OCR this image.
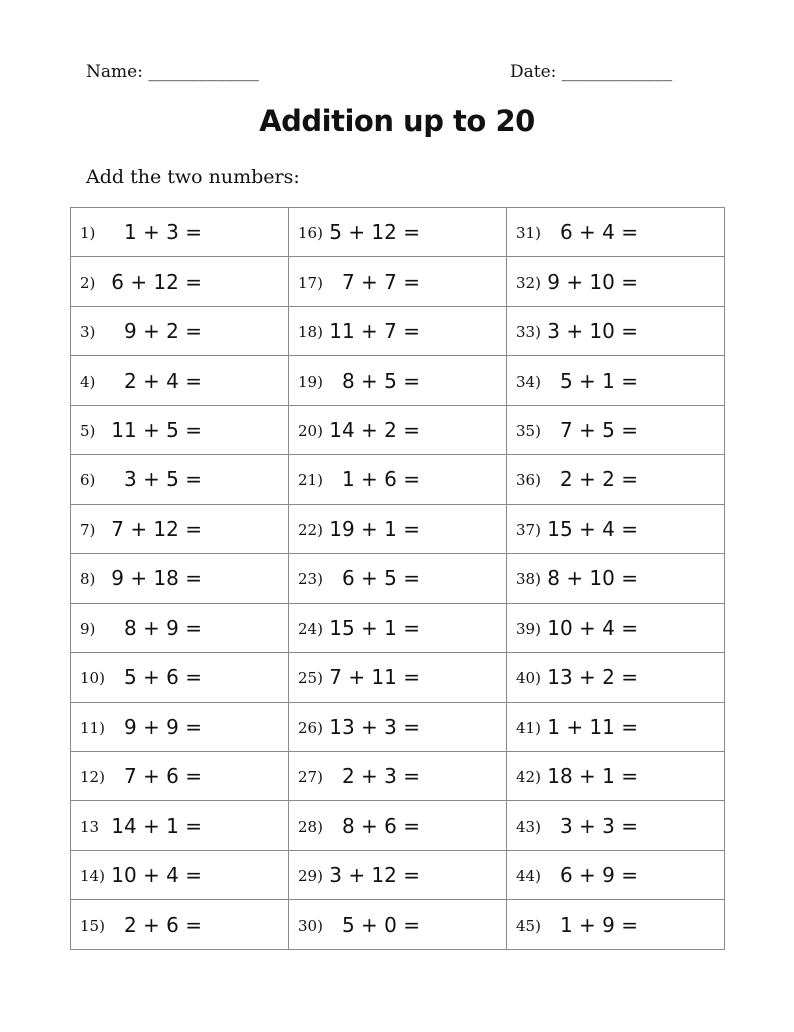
Name: _____________	Date: _____________
Addition up to 20
Add the two numbers:
1) 1 + 3 =	16) 5 + 12 =	31) 6 + 4 =

2) 6 + 12 =	17) 7 + 7 =	32) 9 + 10 =

3) 9 + 2 =	18) 11 + 7 =	33) 3 + 10 =

4) 2 + 4 =	19) 8 + 5 =	34) 5 + 1 =

5) 11 + 5 =	20) 14 + 2 =	35) 7 + 5 =

6) 3 + 5 =	21) 1 + 6 =	36) 2 + 2 =

7) 7 + 12 =	22) 19 + 1 =	37) 15 + 4 =

8) 9 + 18 =	23) 6 + 5 =	38) 8 + 10 =

9) 8 + 9 =	24) 15 + 1 =	39) 10 + 4 =

10) 5 + 6 =	25) 7 + 11 =	40) 13 + 2 =

11) 9 + 9 =	26) 13 + 3 =	41) 1 + 11 =

12) 7 + 6 =	27) 2 + 3 =	42) 18 + 1 =

13 14 + 1 =	28) 8 + 6 =	43) 3 + 3 =

14) 10 + 4 =	29) 3 + 12 =	44) 6 + 9 =

15) 2 + 6 =	30) 5 + 0 =	45) 1 + 9 =
